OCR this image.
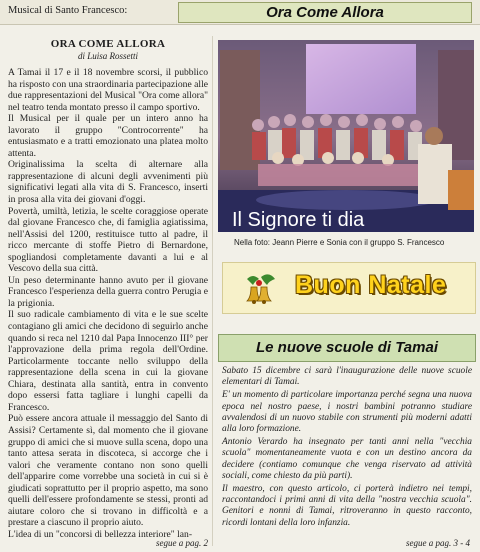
Musical di Santo Francesco:	Ora Come Allora
ORA COME ALLORA
di Luisa Rossetti

A Tamai il 17 e il 18 novembre scorsi, il pubblico ha risposto con una straordinaria partecipazione alle due rappresentazioni del Musical "Ora come allora" nel teatro tenda montato presso il campo sportivo.

Il Musical per il quale per un intero anno ha lavorato il gruppo "Controcorrente" ha entusiasmato e a tratti emozionato una platea molto attenta.

Originalissima la scelta di alternare alla rappresentazione di alcuni degli avvenimenti più significativi legati alla vita di S. Francesco, inserti in prosa alla vita dei giovani d'oggi.

Povertà, umiltà, letizia, le scelte coraggiose operate dal giovane Francesco che, di famiglia agiatissima, nell'Assisi del 1200, restituisce tutto al padre, il ricco mercante di stoffe Pietro di Bernardone, spogliandosi completamente davanti a lui e al Vescovo della sua città.

Un peso determinante hanno avuto per il giovane Francesco l'esperienza della guerra contro Perugia e la prigionia.

Il suo radicale cambiamento di vita e le sue scelte contagiano gli amici che decidono di seguirlo anche quando si reca nel 1210 dal Papa Innocenzo III° per l'approvazione della prima regola dell'Ordine. Particolarmente toccante nello sviluppo della rappresentazione della scena in cui la giovane Chiara, destinata alla santità, entra in convento dopo essersi fatta tagliare i lunghi capelli da Francesco.

Può essere ancora attuale il messaggio del Santo di Assisi? Certamente sì, dal momento che il giovane gruppo di amici che si muove sulla scena, dopo una tanto attesa serata in discoteca, si accorge che i valori che veramente contano non sono quelli dell'apparire come vorrebbe una società in cui si è giudicati soprattutto per il proprio aspetto, ma sono quelli dell'essere profondamente se stessi, pronti ad aiutare coloro che si trovano in difficoltà e a prestare a ciascuno il proprio aiuto.

L'idea di un "concorsi di bellezza interiore" lan-

segue a pag. 2
Il Signore ti dia
Nella foto: Jeann Pierre e Sonia con il gruppo S. Francesco
Buon Natale
Le nuove scuole di Tamai

Sabato 15 dicembre ci sarà l'inaugurazione delle nuove scuole elementari di Tamai.

E' un momento di particolare importanza perché segna una nuova epoca nel nostro paese, i nostri bambini potranno studiare avvalendosi di un nuovo stabile con strumenti più moderni adatti alla loro formazione.

Antonio Verardo ha insegnato per tanti anni nella "vecchia scuola" momentaneamente vuota e con un destino ancora da decidere (contiamo comunque che venga riservato ad attività sociali, come chiesto da più parti).

Il maestro, con questo articolo, ci porterà indietro nei tempi, raccontandoci i primi anni di vita della "nostra vecchia scuola". Genitori e nonni di Tamai, ritroveranno in questo racconto, ricordi lontani della loro infanzia.

segue a pag. 3 - 4
